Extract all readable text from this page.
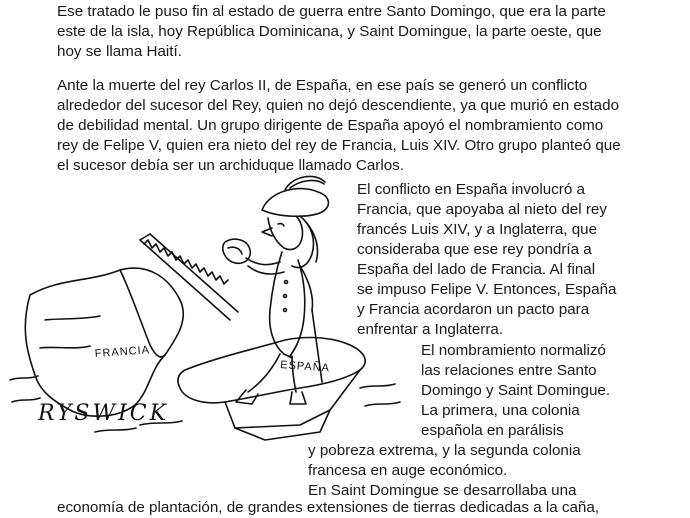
Ese tratado le puso fin al estado de guerra entre Santo Domingo, que era la parte
este de la isla, hoy República Dominicana, y Saint Domingue, la parte oeste, que
hoy se llama Haití.
Ante la muerte del rey Carlos II, de España, en ese país se generó un conflicto
alrededor del sucesor del Rey, quien no dejó descendiente, ya que murió en estado
de debilidad mental. Un grupo dirigente de España apoyó el nombramiento como
rey de Felipe V, quien era nieto del rey de Francia, Luis XIV. Otro grupo planteó que
el sucesor debía ser un archiduque llamado Carlos.
El conflicto en España involucró a
Francia, que apoyaba al nieto del rey
francés Luis XIV, y a Inglaterra, que
consideraba que ese rey pondría a
España del lado de Francia. Al final
se impuso Felipe V. Entonces, España
y Francia acordaron un pacto para
enfrentar a Inglaterra.
El nombramiento normalizó
las relaciones entre Santo
Domingo y Saint Domingue.
La primera, una colonia
española en parálisis
y pobreza extrema, y la segunda colonia
francesa en auge económico.
FRANCIA
ESPAÑA
RYSWICK
En Saint Domingue se desarrollaba una
economía de plantación, de grandes extensiones de tierras dedicadas a la caña,
